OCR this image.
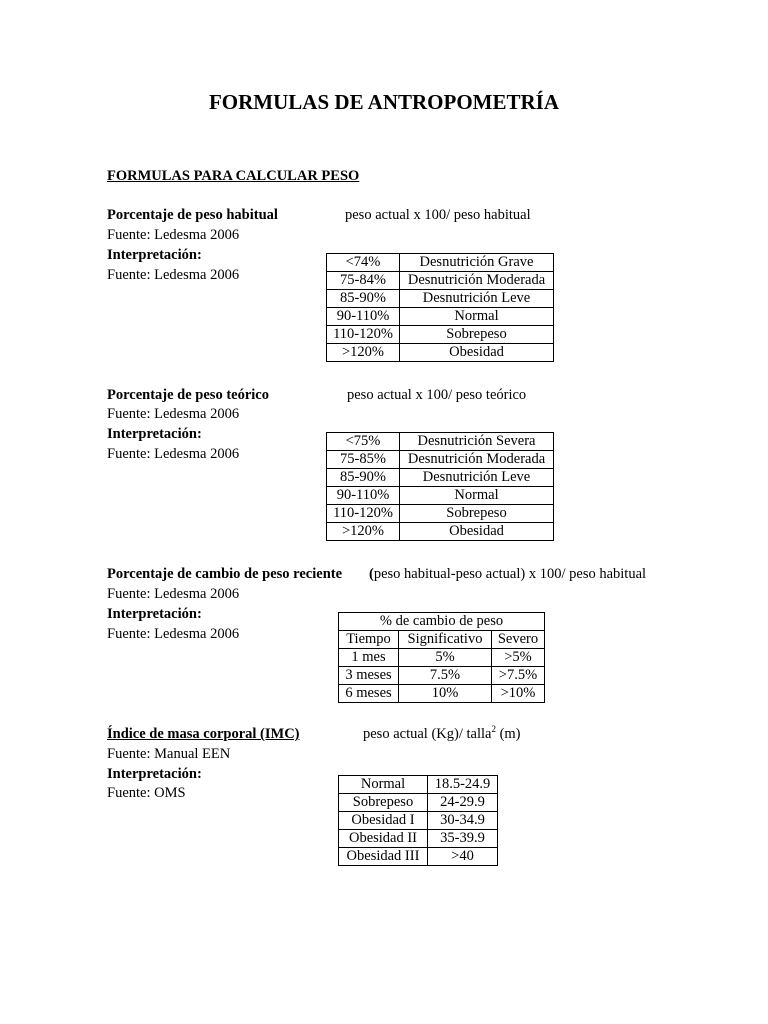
FORMULAS DE ANTROPOMETRÍA
FORMULAS PARA CALCULAR PESO
Porcentaje de peso habitual	peso actual x 100/ peso habitual
Fuente: Ledesma 2006
Interpretación:
Fuente: Ledesma 2006
<74%	Desnutrición Grave
75-84%	Desnutrición Moderada
85-90%	Desnutrición Leve
90-110%	Normal
110-120%	Sobrepeso
>120%	Obesidad
Porcentaje de peso teórico	peso actual x 100/ peso teórico
Fuente: Ledesma 2006
Interpretación:
Fuente: Ledesma 2006
<75%	Desnutrición Severa
75-85%	Desnutrición Moderada
85-90%	Desnutrición Leve
90-110%	Normal
110-120%	Sobrepeso
>120%	Obesidad
Porcentaje de cambio de peso reciente (peso habitual-peso actual) x 100/ peso habitual
Fuente: Ledesma 2006
Interpretación:
Fuente: Ledesma 2006
% de cambio de peso		
Tiempo	Significativo	Severo
1 mes	5%	>5%
3 meses	7.5%	>7.5%
6 meses	10%	>10%
Índice de masa corporal (IMC)	peso actual (Kg)/ talla$^2$ (m)
Fuente: Manual EEN
Interpretación:
Fuente: OMS
Normal	18.5-24.9
Sobrepeso	24-29.9
Obesidad I	30-34.9
Obesidad II	35-39.9
Obesidad III	>40
